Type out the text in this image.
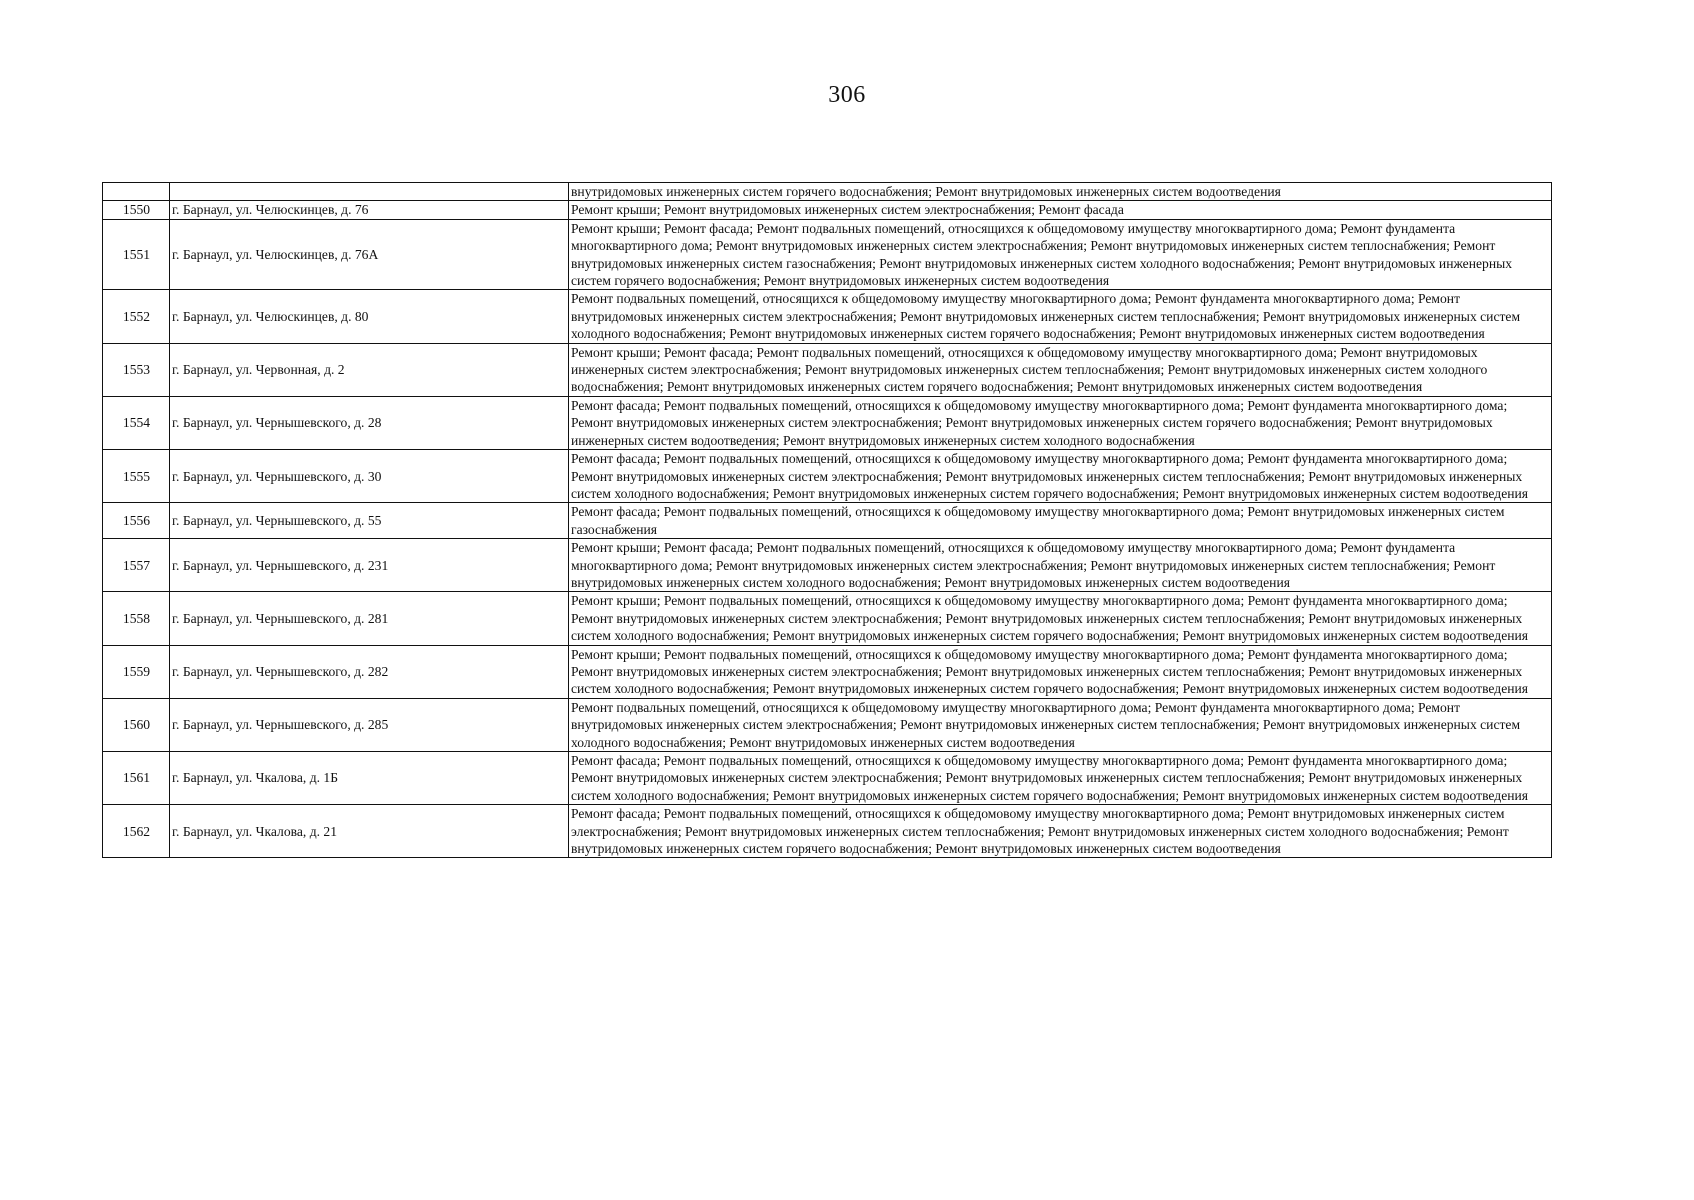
306
		внутридомовых инженерных систем горячего водоснабжения; Ремонт внутридомовых инженерных систем водоотведения
1550	г. Барнаул, ул. Челюскинцев, д. 76	Ремонт крыши; Ремонт внутридомовых инженерных систем электроснабжения; Ремонт фасада
1551	г. Барнаул, ул. Челюскинцев, д. 76А	Ремонт крыши; Ремонт фасада; Ремонт подвальных помещений, относящихся к общедомовому имуществу многоквартирного дома; Ремонт фундамента многоквартирного дома; Ремонт внутридомовых инженерных систем электроснабжения; Ремонт внутридомовых инженерных систем теплоснабжения; Ремонт внутридомовых инженерных систем газоснабжения; Ремонт внутридомовых инженерных систем холодного водоснабжения; Ремонт внутридомовых инженерных систем горячего водоснабжения; Ремонт внутридомовых инженерных систем водоотведения
1552	г. Барнаул, ул. Челюскинцев, д. 80	Ремонт подвальных помещений, относящихся к общедомовому имуществу многоквартирного дома; Ремонт фундамента многоквартирного дома; Ремонт внутридомовых инженерных систем электроснабжения; Ремонт внутридомовых инженерных систем теплоснабжения; Ремонт внутридомовых инженерных систем холодного водоснабжения; Ремонт внутридомовых инженерных систем горячего водоснабжения; Ремонт внутридомовых инженерных систем водоотведения
1553	г. Барнаул, ул. Червонная, д. 2	Ремонт крыши; Ремонт фасада; Ремонт подвальных помещений, относящихся к общедомовому имуществу многоквартирного дома; Ремонт внутридомовых инженерных систем электроснабжения; Ремонт внутридомовых инженерных систем теплоснабжения; Ремонт внутридомовых инженерных систем холодного водоснабжения; Ремонт внутридомовых инженерных систем горячего водоснабжения; Ремонт внутридомовых инженерных систем водоотведения
1554	г. Барнаул, ул. Чернышевского, д. 28	Ремонт фасада; Ремонт подвальных помещений, относящихся к общедомовому имуществу многоквартирного дома; Ремонт фундамента многоквартирного дома; Ремонт внутридомовых инженерных систем электроснабжения; Ремонт внутридомовых инженерных систем горячего водоснабжения; Ремонт внутридомовых инженерных систем водоотведения; Ремонт внутридомовых инженерных систем холодного водоснабжения
1555	г. Барнаул, ул. Чернышевского, д. 30	Ремонт фасада; Ремонт подвальных помещений, относящихся к общедомовому имуществу многоквартирного дома; Ремонт фундамента многоквартирного дома; Ремонт внутридомовых инженерных систем электроснабжения; Ремонт внутридомовых инженерных систем теплоснабжения; Ремонт внутридомовых инженерных систем холодного водоснабжения; Ремонт внутридомовых инженерных систем горячего водоснабжения; Ремонт внутридомовых инженерных систем водоотведения
1556	г. Барнаул, ул. Чернышевского, д. 55	Ремонт фасада; Ремонт подвальных помещений, относящихся к общедомовому имуществу многоквартирного дома; Ремонт внутридомовых инженерных систем газоснабжения
1557	г. Барнаул, ул. Чернышевского, д. 231	Ремонт крыши; Ремонт фасада; Ремонт подвальных помещений, относящихся к общедомовому имуществу многоквартирного дома; Ремонт фундамента многоквартирного дома; Ремонт внутридомовых инженерных систем электроснабжения; Ремонт внутридомовых инженерных систем теплоснабжения; Ремонт внутридомовых инженерных систем холодного водоснабжения; Ремонт внутридомовых инженерных систем водоотведения
1558	г. Барнаул, ул. Чернышевского, д. 281	Ремонт крыши; Ремонт подвальных помещений, относящихся к общедомовому имуществу многоквартирного дома; Ремонт фундамента многоквартирного дома; Ремонт внутридомовых инженерных систем электроснабжения; Ремонт внутридомовых инженерных систем теплоснабжения; Ремонт внутридомовых инженерных систем холодного водоснабжения; Ремонт внутридомовых инженерных систем горячего водоснабжения; Ремонт внутридомовых инженерных систем водоотведения
1559	г. Барнаул, ул. Чернышевского, д. 282	Ремонт крыши; Ремонт подвальных помещений, относящихся к общедомовому имуществу многоквартирного дома; Ремонт фундамента многоквартирного дома; Ремонт внутридомовых инженерных систем электроснабжения; Ремонт внутридомовых инженерных систем теплоснабжения; Ремонт внутридомовых инженерных систем холодного водоснабжения; Ремонт внутридомовых инженерных систем горячего водоснабжения; Ремонт внутридомовых инженерных систем водоотведения
1560	г. Барнаул, ул. Чернышевского, д. 285	Ремонт подвальных помещений, относящихся к общедомовому имуществу многоквартирного дома; Ремонт фундамента многоквартирного дома; Ремонт внутридомовых инженерных систем электроснабжения; Ремонт внутридомовых инженерных систем теплоснабжения; Ремонт внутридомовых инженерных систем холодного водоснабжения; Ремонт внутридомовых инженерных систем водоотведения
1561	г. Барнаул, ул. Чкалова, д. 1Б	Ремонт фасада; Ремонт подвальных помещений, относящихся к общедомовому имуществу многоквартирного дома; Ремонт фундамента многоквартирного дома; Ремонт внутридомовых инженерных систем электроснабжения; Ремонт внутридомовых инженерных систем теплоснабжения; Ремонт внутридомовых инженерных систем холодного водоснабжения; Ремонт внутридомовых инженерных систем горячего водоснабжения; Ремонт внутридомовых инженерных систем водоотведения
1562	г. Барнаул, ул. Чкалова, д. 21	Ремонт фасада; Ремонт подвальных помещений, относящихся к общедомовому имуществу многоквартирного дома; Ремонт внутридомовых инженерных систем электроснабжения; Ремонт внутридомовых инженерных систем теплоснабжения; Ремонт внутридомовых инженерных систем холодного водоснабжения; Ремонт внутридомовых инженерных систем горячего водоснабжения; Ремонт внутридомовых инженерных систем водоотведения
